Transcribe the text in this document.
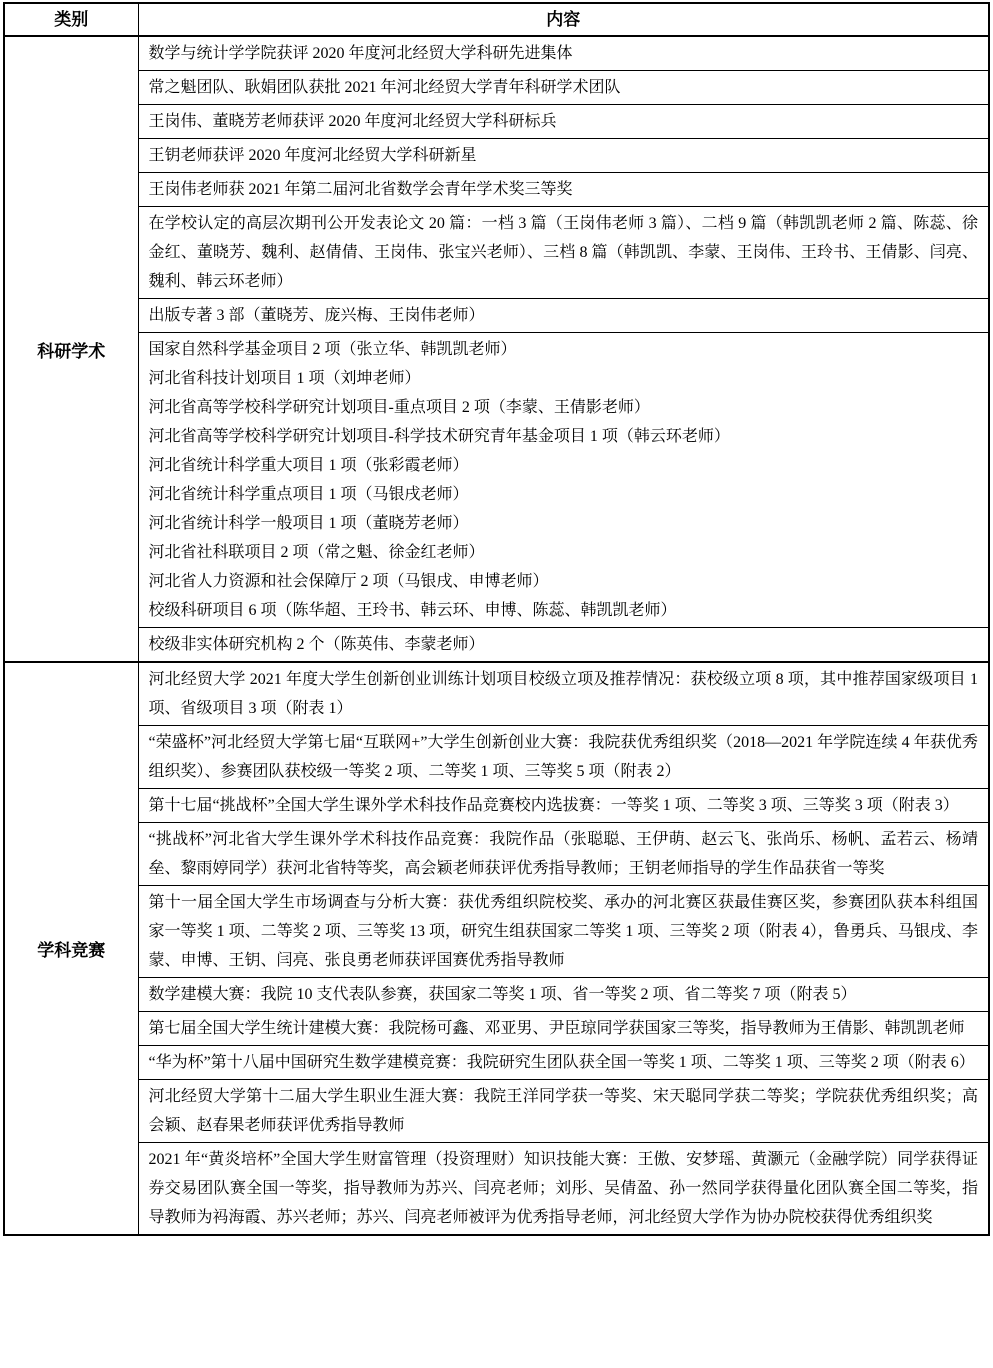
类别	内容
科研学术	数学与统计学学院获评 2020 年度河北经贸大学科研先进集体
	常之魁团队、耿娟团队获批 2021 年河北经贸大学青年科研学术团队
	王岗伟、董晓芳老师获评 2020 年度河北经贸大学科研标兵
	王钥老师获评 2020 年度河北经贸大学科研新星
	王岗伟老师获 2021 年第二届河北省数学会青年学术奖三等奖
	在学校认定的高层次期刊公开发表论文 20 篇：一档 3 篇（王岗伟老师 3 篇）、二档 9 篇（韩凯凯老师 2 篇、陈蕊、徐金红、董晓芳、魏利、赵倩倩、王岗伟、张宝兴老师）、三档 8 篇（韩凯凯、李蒙、王岗伟、王玲书、王倩影、闫亮、魏利、韩云环老师）
	出版专著 3 部（董晓芳、庞兴梅、王岗伟老师）
国家自然科学基金项目 2 项（张立华、韩凯凯老师）
河北省科技计划项目 1 项（刘坤老师）
河北省高等学校科学研究计划项目-重点项目 2 项（李蒙、王倩影老师）
河北省高等学校科学研究计划项目-科学技术研究青年基金项目 1 项（韩云环老师）
河北省统计科学重大项目 1 项（张彩霞老师）
河北省统计科学重点项目 1 项（马银戌老师）
河北省统计科学一般项目 1 项（董晓芳老师）
河北省社科联项目 2 项（常之魁、徐金红老师）
河北省人力资源和社会保障厅 2 项（马银戌、申博老师）
校级科研项目 6 项（陈华超、王玲书、韩云环、申博、陈蕊、韩凯凯老师）
	校级非实体研究机构 2 个（陈英伟、李蒙老师）
学科竞赛	河北经贸大学 2021 年度大学生创新创业训练计划项目校级立项及推荐情况：获校级立项 8 项，其中推荐国家级项目 1 项、省级项目 3 项（附表 1）
	“荣盛杯”河北经贸大学第七届“互联网+”大学生创新创业大赛：我院获优秀组织奖（2018—2021 年学院连续 4 年获优秀组织奖）、参赛团队获校级一等奖 2 项、二等奖 1 项、三等奖 5 项（附表 2）
	第十七届“挑战杯”全国大学生课外学术科技作品竞赛校内选拔赛：一等奖 1 项、二等奖 3 项、三等奖 3 项（附表 3）
	“挑战杯”河北省大学生课外学术科技作品竞赛：我院作品（张聪聪、王伊萌、赵云飞、张尚乐、杨帆、孟若云、杨靖垒、黎雨婷同学）获河北省特等奖，高会颖老师获评优秀指导教师；王钥老师指导的学生作品获省一等奖
	第十一届全国大学生市场调查与分析大赛：获优秀组织院校奖、承办的河北赛区获最佳赛区奖，参赛团队获本科组国家一等奖 1 项、二等奖 2 项、三等奖 13 项，研究生组获国家二等奖 1 项、三等奖 2 项（附表 4），鲁勇兵、马银戌、李蒙、申博、王钥、闫亮、张良勇老师获评国赛优秀指导教师
	数学建模大赛：我院 10 支代表队参赛，获国家二等奖 1 项、省一等奖 2 项、省二等奖 7 项（附表 5）
	第七届全国大学生统计建模大赛：我院杨可鑫、邓亚男、尹臣琼同学获国家三等奖，指导教师为王倩影、韩凯凯老师
	“华为杯”第十八届中国研究生数学建模竞赛：我院研究生团队获全国一等奖 1 项、二等奖 1 项、三等奖 2 项（附表 6）
	河北经贸大学第十二届大学生职业生涯大赛：我院王洋同学获一等奖、宋天聪同学获二等奖；学院获优秀组织奖；高会颖、赵春果老师获评优秀指导教师
	2021 年“黄炎培杯”全国大学生财富管理（投资理财）知识技能大赛：王傲、安梦瑶、黄灏元（金融学院）同学获得证券交易团队赛全国一等奖，指导教师为苏兴、闫亮老师；刘彤、吴倩盈、孙一然同学获得量化团队赛全国二等奖，指导教师为祃海霞、苏兴老师；苏兴、闫亮老师被评为优秀指导老师，河北经贸大学作为协办院校获得优秀组织奖
